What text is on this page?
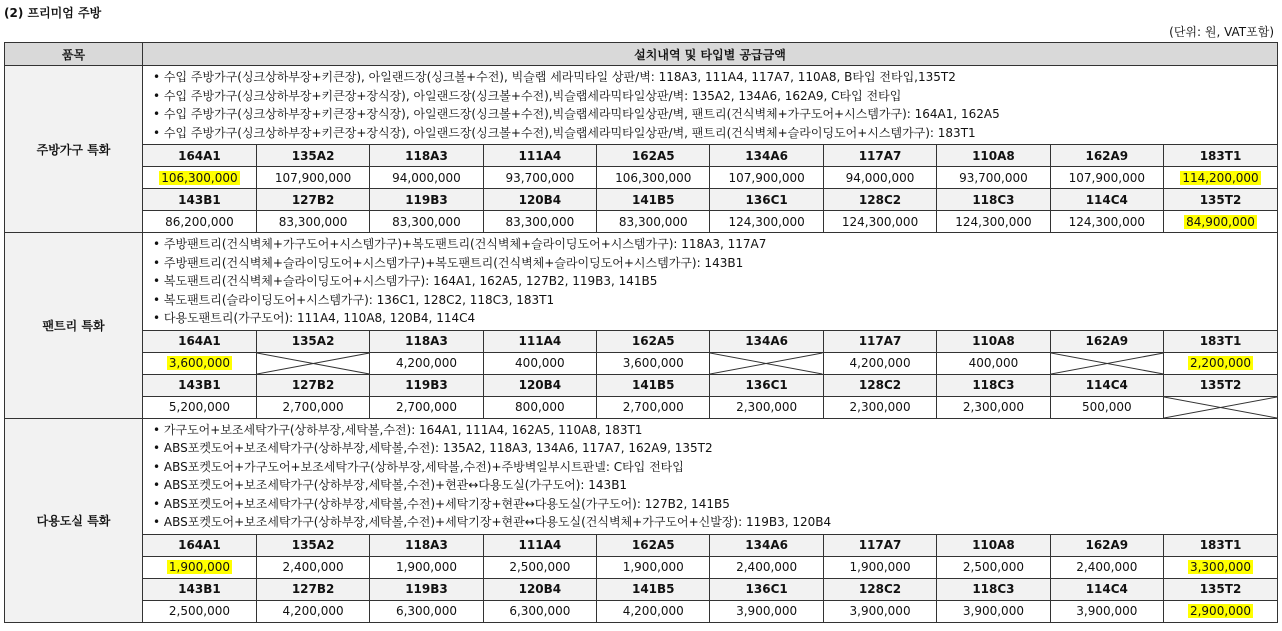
(2) 프리미엄 주방
(단위: 원, VAT포함)
품목	설치내역 및 타입별 공급금액
주방가구 특화	
• 수입 주방가구(싱크상하부장+키큰장), 아일랜드장(싱크볼+수전), 빅슬랩 세라믹타일 상판/벽: 118A3, 111A4, 117A7, 110A8, B타입 전타입,135T2
• 수입 주방가구(싱크상하부장+키큰장+장식장), 아일랜드장(싱크볼+수전),빅슬랩세라믹타일상판/벽: 135A2, 134A6, 162A9, C타입 전타입
• 수입 주방가구(싱크상하부장+키큰장+장식장), 아일랜드장(싱크볼+수전),빅슬랩세라믹타일상판/벽, 팬트리(건식벽체+가구도어+시스템가구): 164A1, 162A5
• 수입 주방가구(싱크상하부장+키큰장+장식장), 아일랜드장(싱크볼+수전),빅슬랩세라믹타일상판/벽, 팬트리(건식벽체+슬라이딩도어+시스템가구): 183T1

164A1	135A2	118A3	111A4	162A5	134A6	117A7	110A8	162A9	183T1
106,300,000	107,900,000	94,000,000	93,700,000	106,300,000	107,900,000	94,000,000	93,700,000	107,900,000	114,200,000
143B1	127B2	119B3	120B4	141B5	136C1	128C2	118C3	114C4	135T2
86,200,000	83,300,000	83,300,000	83,300,000	83,300,000	124,300,000	124,300,000	124,300,000	124,300,000	84,900,000

팬트리 특화	
• 주방팬트리(건식벽체+가구도어+시스템가구)+복도팬트리(건식벽체+슬라이딩도어+시스템가구): 118A3, 117A7
• 주방팬트리(건식벽체+슬라이딩도어+시스템가구)+복도팬트리(건식벽체+슬라이딩도어+시스템가구): 143B1
• 복도팬트리(건식벽체+슬라이딩도어+시스템가구): 164A1, 162A5, 127B2, 119B3, 141B5
• 복도팬트리(슬라이딩도어+시스템가구): 136C1, 128C2, 118C3, 183T1
• 다용도팬트리(가구도어): 111A4, 110A8, 120B4, 114C4

164A1	135A2	118A3	111A4	162A5	134A6	117A7	110A8	162A9	183T1
3,600,000		4,200,000	400,000	3,600,000		4,200,000	400,000		2,200,000
143B1	127B2	119B3	120B4	141B5	136C1	128C2	118C3	114C4	135T2
5,200,000	2,700,000	2,700,000	800,000	2,700,000	2,300,000	2,300,000	2,300,000	500,000	

다용도실 특화	
• 가구도어+보조세탁가구(상하부장,세탁볼,수전): 164A1, 111A4, 162A5, 110A8, 183T1
• ABS포켓도어+보조세탁가구(상하부장,세탁볼,수전): 135A2, 118A3, 134A6, 117A7, 162A9, 135T2
• ABS포켓도어+가구도어+보조세탁가구(상하부장,세탁볼,수전)+주방벽일부시트판넬: C타입 전타입
• ABS포켓도어+보조세탁가구(상하부장,세탁볼,수전)+현관↔다용도실(가구도어): 143B1
• ABS포켓도어+보조세탁가구(상하부장,세탁볼,수전)+세탁기장+현관↔다용도실(가구도어): 127B2, 141B5
• ABS포켓도어+보조세탁가구(상하부장,세탁볼,수전)+세탁기장+현관↔다용도실(건식벽체+가구도어+신발장): 119B3, 120B4

164A1	135A2	118A3	111A4	162A5	134A6	117A7	110A8	162A9	183T1
1,900,000	2,400,000	1,900,000	2,500,000	1,900,000	2,400,000	1,900,000	2,500,000	2,400,000	3,300,000
143B1	127B2	119B3	120B4	141B5	136C1	128C2	118C3	114C4	135T2
2,500,000	4,200,000	6,300,000	6,300,000	4,200,000	3,900,000	3,900,000	3,900,000	3,900,000	2,900,000
